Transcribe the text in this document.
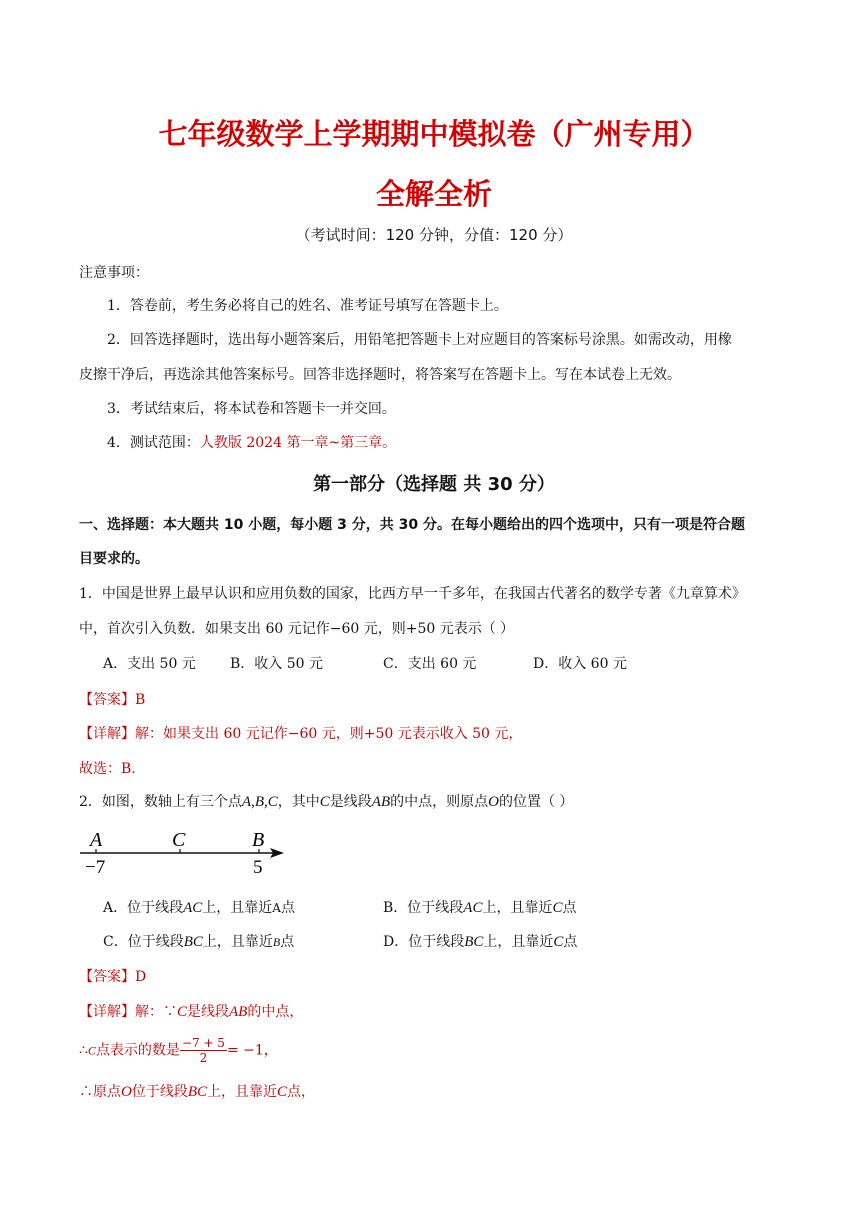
七年级数学上学期期中模拟卷（广州专用）
全解全析
（考试时间：120 分钟，分值：120 分）
注意事项：
1．答卷前，考生务必将自己的姓名、准考证号填写在答题卡上。
2．回答选择题时，选出每小题答案后，用铅笔把答题卡上对应题目的答案标号涂黑。如需改动，用橡
皮擦干净后，再选涂其他答案标号。回答非选择题时，将答案写在答题卡上。写在本试卷上无效。
3．考试结束后，将本试卷和答题卡一并交回。
4．测试范围：人教版 2024 第一章~第三章。
第一部分（选择题 共 30 分）
一、选择题：本大题共 10 小题，每小题 3 分，共 30 分。在每小题给出的四个选项中，只有一项是符合题
目要求的。
1．中国是世界上最早认识和应用负数的国家，比西方早一千多年，在我国古代著名的数学专著《九章算术》
中，首次引入负数．如果支出 60 元记作−60 元，则+50 元表示（ ）
A．支出 50 元 B．收入 50 元	C．支出 60 元	D．收入 60 元
【答案】B
【详解】解：如果支出 60 元记作−60 元，则+50 元表示收入 50 元，
故选：B.
2．如图，数轴上有三个点A,B,C，其中C是线段AB的中点，则原点O的位置（ ）
A	C	B
−7	5
A．位于线段AC上，且靠近A点	B．位于线段AC上，且靠近C点
C．位于线段BC上，且靠近B点	D．位于线段BC上，且靠近C点
【答案】D
【详解】解：∵C是线段AB的中点，
∴C点表示的数是 $\frac{-7 + 5}{2} = -1$，
∴原点O位于线段BC上，且靠近C点，
